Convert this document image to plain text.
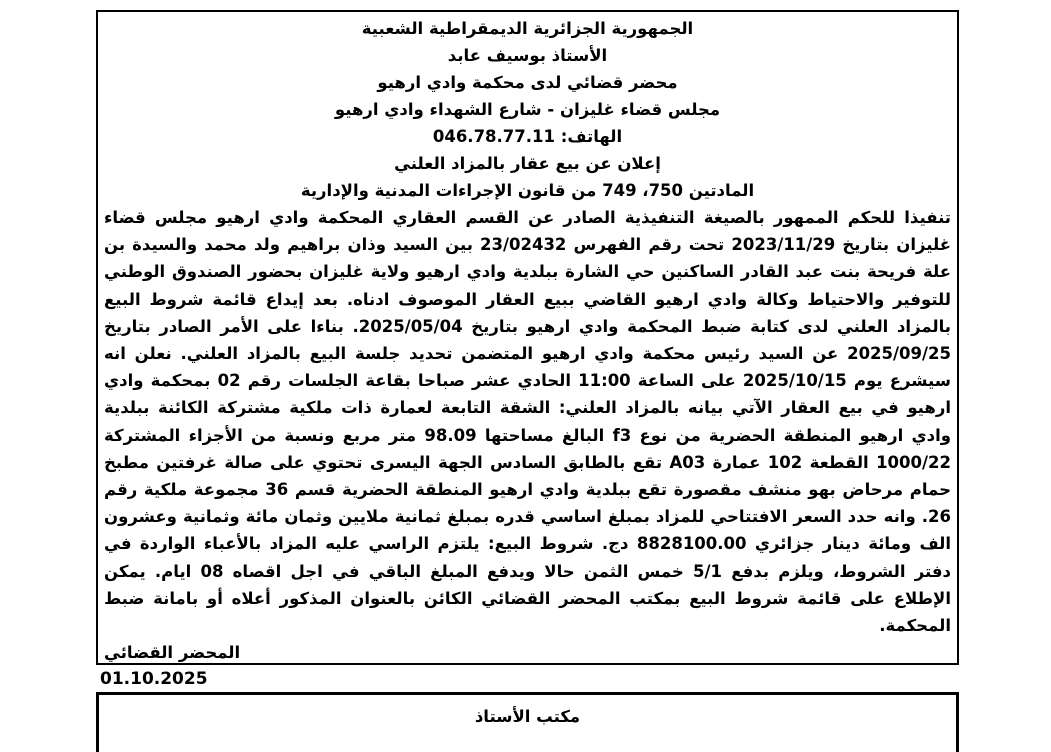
الجمهورية الجزائرية الديمقراطية الشعبية
الأستاذ بوسيف عابد
محضر قضائي لدى محكمة وادي ارهيو
مجلس قضاء غليزان - شارع الشهداء وادي ارهيو
الهاتف: 046.78.77.11
إعلان عن بيع عقار بالمزاد العلني
المادتين 750، 749 من قانون الإجراءات المدنية والإدارية
تنفيذا للحكم الممهور بالصيغة التنفيذية الصادر عن القسم العقاري المحكمة وادي ارهيو مجلس قضاء غليزان بتاريخ 2023/11/29 تحت رقم الفهرس 23/02432 بين السيد وذان براهيم ولد محمد والسيدة بن علة فريحة بنت عبد القادر الساكنين حي الشارة ببلدية وادي ارهيو ولاية غليزان بحضور الصندوق الوطني للتوفير والاحتياط وكالة وادي ارهيو القاضي ببيع العقار الموصوف ادناه. بعد إيداع قائمة شروط البيع بالمزاد العلني لدى كتابة ضبط المحكمة وادي ارهيو بتاريخ 2025/05/04. بناءا على الأمر الصادر بتاريخ 2025/09/25 عن السيد رئيس محكمة وادي ارهيو المتضمن تحديد جلسة البيع بالمزاد العلني. نعلن انه سيشرع يوم 2025/10/15 على الساعة 11:00 الحادي عشر صباحا بقاعة الجلسات رقم 02 بمحكمة وادي ارهيو في بيع العقار الآتي بيانه بالمزاد العلني: الشقة التابعة لعمارة ذات ملكية مشتركة الكائنة ببلدية وادي ارهيو المنطقة الحضرية من نوع f3 البالغ مساحتها 98.09 متر مربع ونسبة من الأجزاء المشتركة 1000/22 القطعة 102 عمارة A03 تقع بالطابق السادس الجهة اليسرى تحتوي على صالة غرفتين مطبخ حمام مرحاض بهو منشف مقصورة تقع ببلدية وادي ارهيو المنطقة الحضرية قسم 36 مجموعة ملكية رقم 26. وانه حدد السعر الافتتاحي للمزاد بمبلغ اساسي قدره بمبلغ ثمانية ملايين وثمان مائة وثمانية وعشرون الف ومائة دينار جزائري 8828100.00 دج. شروط البيع: يلتزم الراسي عليه المزاد بالأعباء الواردة في دفتر الشروط، ويلزم بدفع 5/1 خمس الثمن حالا ويدفع المبلغ الباقي في اجل اقصاه 08 ايام. يمكن الإطلاع على قائمة شروط البيع بمكتب المحضر القضائي الكائن بالعنوان المذكور أعلاه أو بامانة ضبط المحكمة.
المحضر القضائي
01.10.2025
مكتب الأستاذ
